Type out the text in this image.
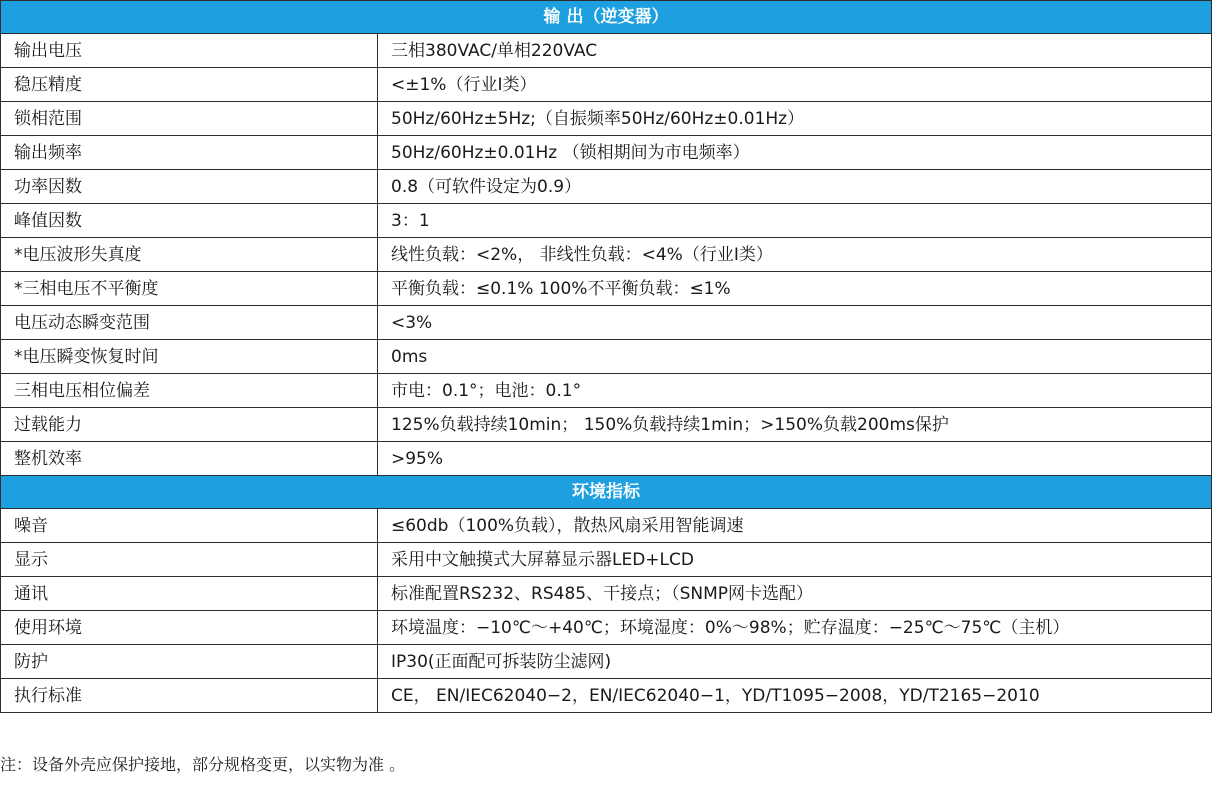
输 出（逆变器）	
输出电压	三相380VAC/单相220VAC
稳压精度	<±1%（行业Ⅰ类）
锁相范围	50Hz/60Hz±5Hz;（自振频率50Hz/60Hz±0.01Hz）
输出频率	50Hz/60Hz±0.01Hz （锁相期间为市电频率）
功率因数	0.8（可软件设定为0.9）
峰值因数	3：1
*电压波形失真度	线性负载：<2%， 非线性负载：<4%（行业Ⅰ类）
*三相电压不平衡度	平衡负载：≤0.1% 100%不平衡负载：≤1%
电压动态瞬变范围	<3%
*电压瞬变恢复时间	0ms
三相电压相位偏差	市电：0.1°；电池：0.1°
过载能力	125%负载持续10min； 150%负载持续1min；>150%负载200ms保护
整机效率	>95%
环境指标	
噪音	≤60db（100%负载），散热风扇采用智能调速
显示	采用中文触摸式大屏幕显示器LED+LCD
通讯	标准配置RS232、RS485、干接点；（SNMP网卡选配）
使用环境	环境温度：−10℃～+40℃；环境湿度：0%～98%；贮存温度：−25℃～75℃（主机）
防护	IP30(正面配可拆装防尘滤网)
执行标准	CE， EN/IEC62040−2，EN/IEC62040−1，YD/T1095−2008，YD/T2165−2010
注：设备外壳应保护接地，部分规格变更，以实物为准 。
